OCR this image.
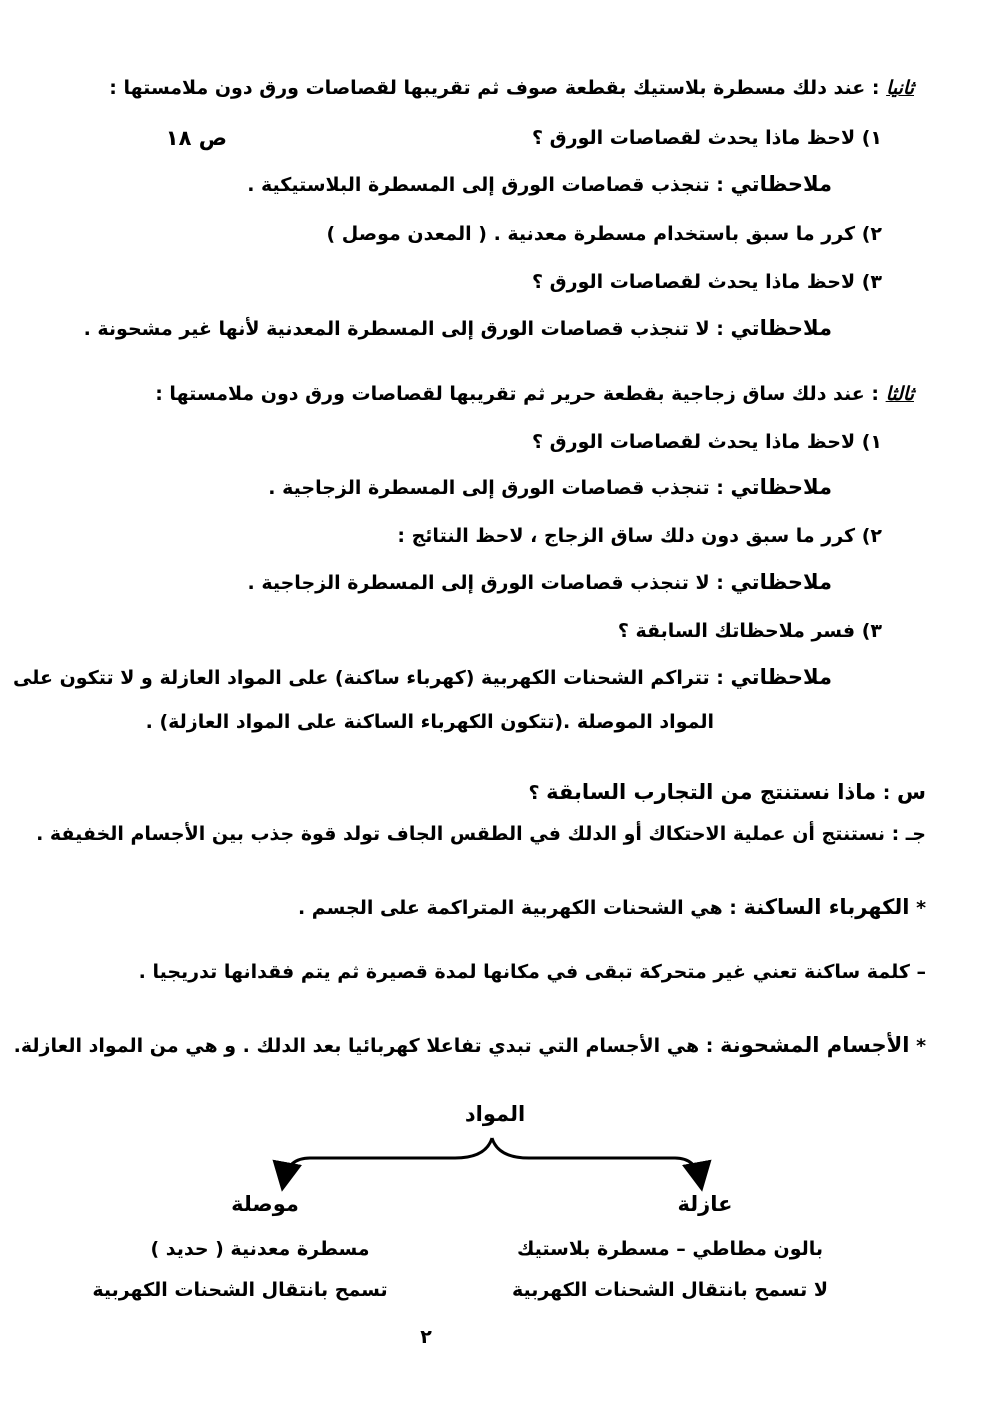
ثانيا : عند دلك مسطرة بلاستيك بقطعة صوف ثم تقريبها لقصاصات ورق دون ملامستها :
١) لاحظ ماذا يحدث لقصاصات الورق ؟
ص ١٨
ملاحظاتي : تنجذب قصاصات الورق إلى المسطرة البلاستيكية .
٢) كرر ما سبق باستخدام مسطرة معدنية . ( المعدن موصل )
٣) لاحظ ماذا يحدث لقصاصات الورق ؟
ملاحظاتي : لا تنجذب قصاصات الورق إلى المسطرة المعدنية لأنها غير مشحونة .
ثالثا : عند دلك ساق زجاجية بقطعة حرير ثم تقريبها لقصاصات ورق دون ملامستها :
١) لاحظ ماذا يحدث لقصاصات الورق ؟
ملاحظاتي : تنجذب قصاصات الورق إلى المسطرة الزجاجية .
٢) كرر ما سبق دون دلك ساق الزجاج ، لاحظ النتائج :
ملاحظاتي : لا تنجذب قصاصات الورق إلى المسطرة الزجاجية .
٣) فسر ملاحظاتك السابقة ؟
ملاحظاتي : تتراكم الشحنات الكهربية (كهرباء ساكنة) على المواد العازلة و لا تتكون على
المواد الموصلة .(تتكون الكهرباء الساكنة على المواد العازلة) .
س : ماذا نستنتج من التجارب السابقة ؟
جـ : نستنتج أن عملية الاحتكاك أو الدلك في الطقس الجاف تولد قوة جذب بين الأجسام الخفيفة .
* الكهرباء الساكنة : هي الشحنات الكهربية المتراكمة على الجسم .
– كلمة ساكنة تعني غير متحركة تبقى في مكانها لمدة قصيرة ثم يتم فقدانها تدريجيا .
* الأجسام المشحونة : هي الأجسام التي تبدي تفاعلا كهربائيا بعد الدلك . و هي من المواد العازلة.
المواد
موصلة
مسطرة معدنية ( حديد )
تسمح بانتقال الشحنات الكهربية
عازلة
بالون مطاطي – مسطرة بلاستيك
لا تسمح بانتقال الشحنات الكهربية
٢
